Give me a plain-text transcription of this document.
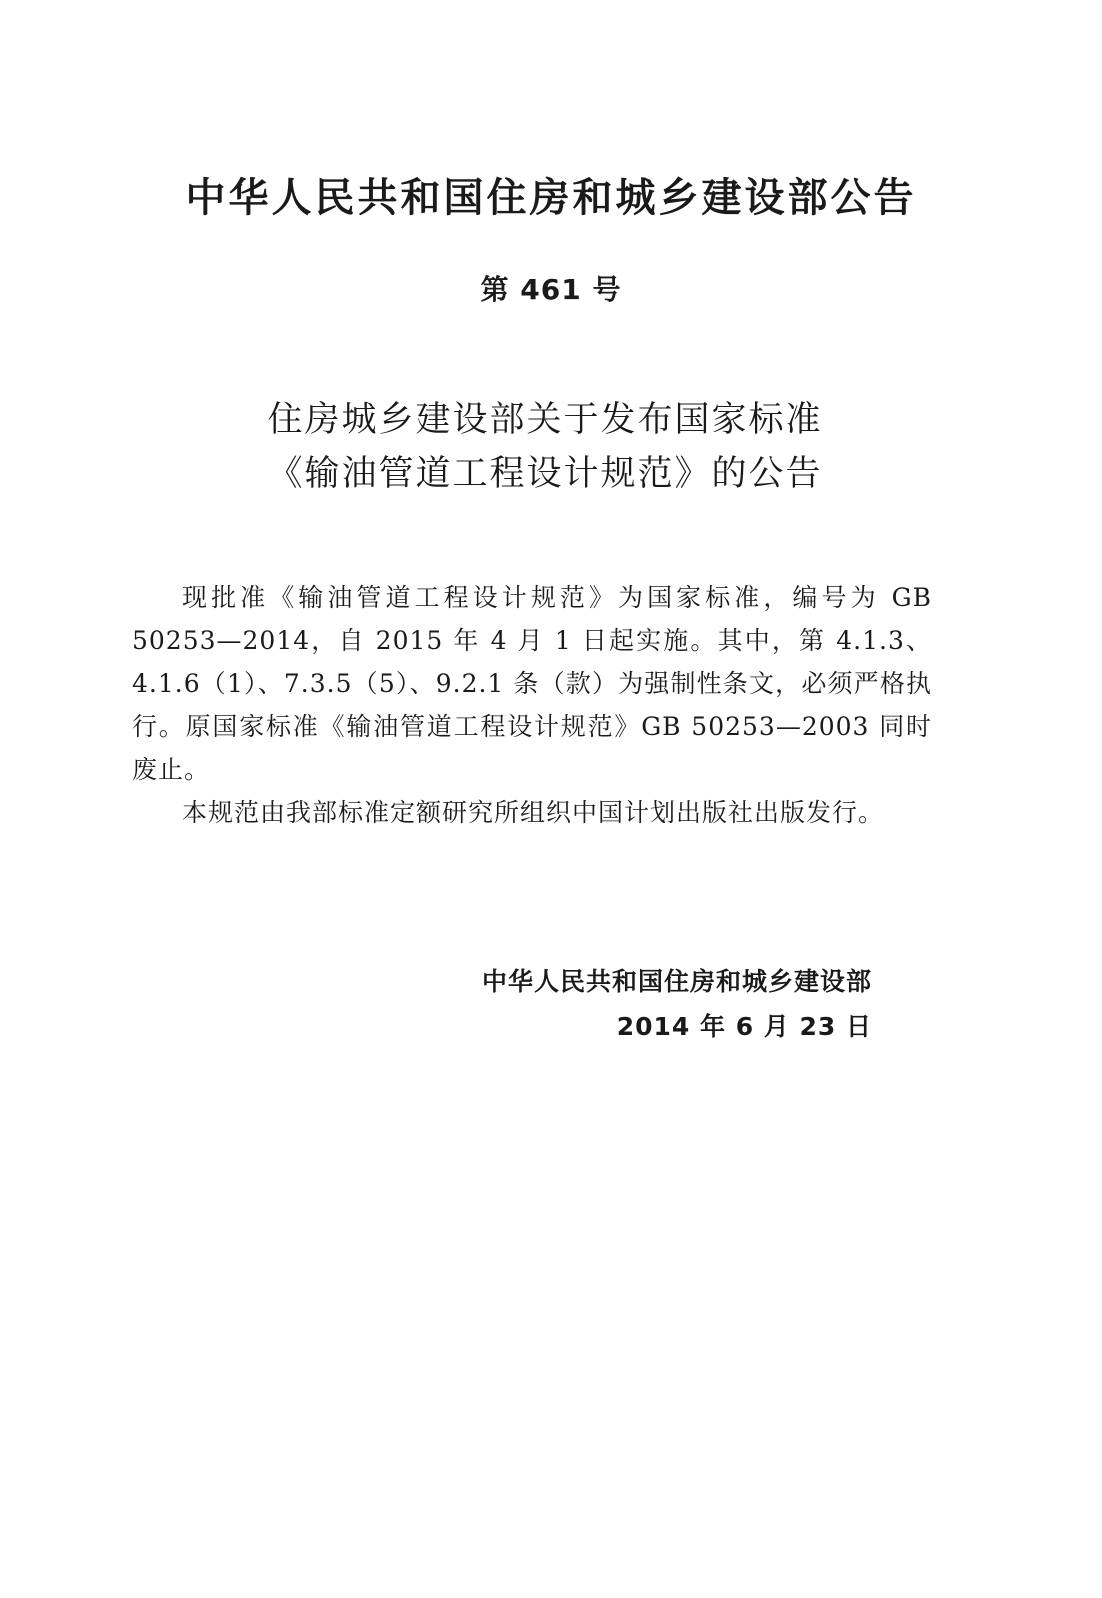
中华人民共和国住房和城乡建设部公告
第 461 号
住房城乡建设部关于发布国家标准
《输油管道工程设计规范》的公告

现批准《输油管道工程设计规范》为国家标准，编号为 GB 50253—2014，自 2015 年 4 月 1 日起实施。其中，第 4.1.3、4.1.6（1）、7.3.5（5）、9.2.1 条（款）为强制性条文，必须严格执行。原国家标准《输油管道工程设计规范》GB 50253—2003 同时废止。

本规范由我部标准定额研究所组织中国计划出版社出版发行。

中华人民共和国住房和城乡建设部
2014 年 6 月 23 日
